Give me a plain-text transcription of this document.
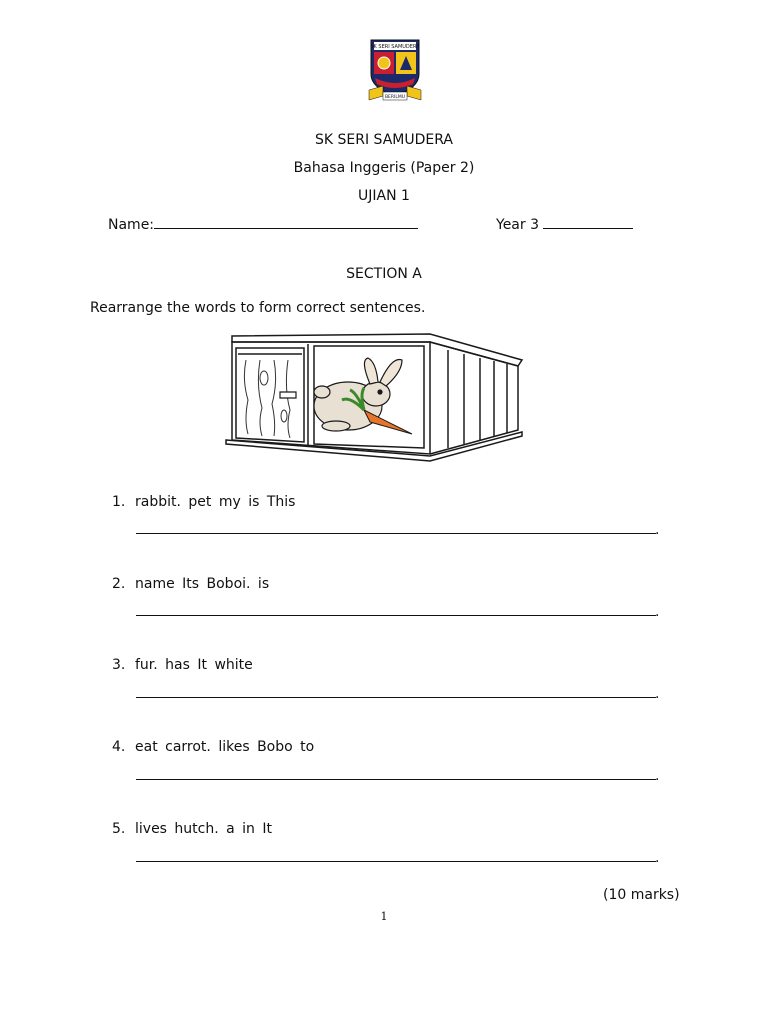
SK SERI SAMUDERA
BERILMU
SK SERI SAMUDERA
Bahasa Inggeris (Paper 2)
UJIAN 1
Name:	Year 3
SECTION A
Rearrange the words to form correct sentences.
1. rabbit. pet my is This
.
2. name Its Boboi. is
.
3. fur. has It white
.
4. eat carrot. likes Bobo to
.
5. lives hutch. a in It
.
(10 marks)
1
